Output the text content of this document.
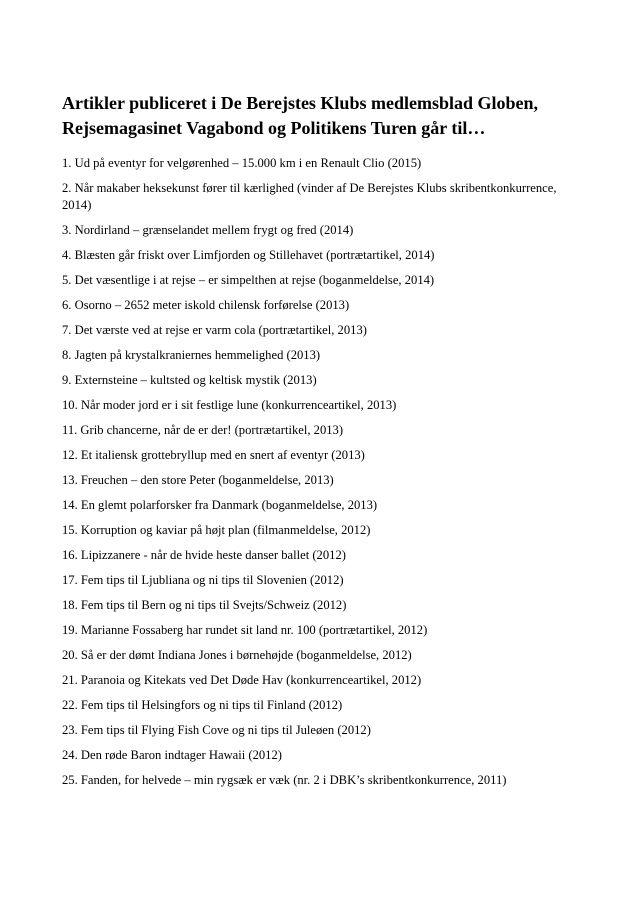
Artikler publiceret i De Berejstes Klubs medlemsblad Globen, Rejsemagasinet Vagabond og Politikens Turen går til…
1. Ud på eventyr for velgørenhed – 15.000 km i en Renault Clio (2015)
2. Når makaber heksekunst fører til kærlighed (vinder af De Berejstes Klubs skribentkonkurrence, 2014)
3. Nordirland – grænselandet mellem frygt og fred (2014)
4. Blæsten går friskt over Limfjorden og Stillehavet (portrætartikel, 2014)
5. Det væsentlige i at rejse – er simpelthen at rejse (boganmeldelse, 2014)
6. Osorno – 2652 meter iskold chilensk forførelse (2013)
7. Det værste ved at rejse er varm cola (portrætartikel, 2013)
8. Jagten på krystalkraniernes hemmelighed (2013)
9. Externsteine – kultsted og keltisk mystik (2013)
10. Når moder jord er i sit festlige lune (konkurrenceartikel, 2013)
11. Grib chancerne, når de er der! (portrætartikel, 2013)
12. Et italiensk grottebryllup med en snert af eventyr (2013)
13. Freuchen – den store Peter (boganmeldelse, 2013)
14. En glemt polarforsker fra Danmark (boganmeldelse, 2013)
15. Korruption og kaviar på højt plan (filmanmeldelse, 2012)
16. Lipizzanere - når de hvide heste danser ballet (2012)
17. Fem tips til Ljubliana og ni tips til Slovenien (2012)
18. Fem tips til Bern og ni tips til Svejts/Schweiz (2012)
19. Marianne Fossaberg har rundet sit land nr. 100 (portrætartikel, 2012)
20. Så er der dømt Indiana Jones i børnehøjde (boganmeldelse, 2012)
21. Paranoia og Kitekats ved Det Døde Hav (konkurrenceartikel, 2012)
22. Fem tips til Helsingfors og ni tips til Finland (2012)
23. Fem tips til Flying Fish Cove og ni tips til Juleøen (2012)
24. Den røde Baron indtager Hawaii (2012)
25. Fanden, for helvede – min rygsæk er væk (nr. 2 i DBK’s skribentkonkurrence, 2011)
